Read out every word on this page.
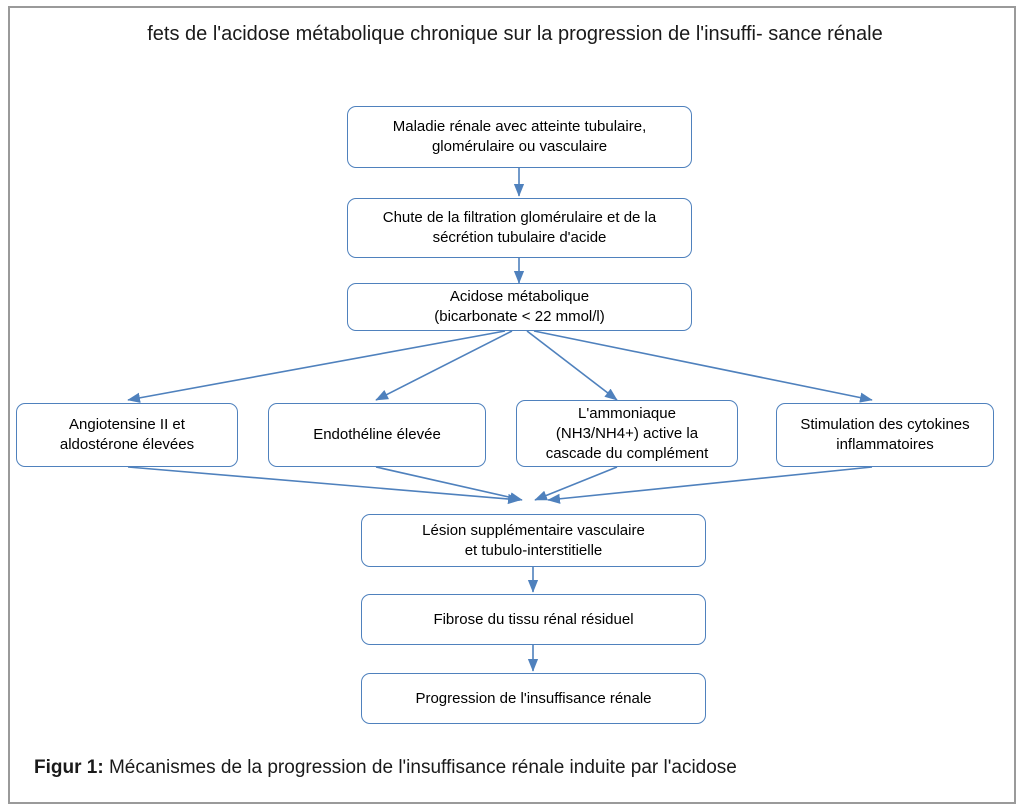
fets de l'acidose métabolique chronique sur la progression de l'insuffi- sance rénale
Maladie rénale avec atteinte tubulaire,
glomérulaire ou vasculaire
Chute de la filtration glomérulaire et de la
sécrétion tubulaire d'acide
Acidose métabolique
(bicarbonate < 22 mmol/l)
Angiotensine II et
aldostérone élevées
Endothéline élevée
L'ammoniaque
(NH3/NH4+) active la
cascade du complément
Stimulation des cytokines
inflammatoires
Lésion supplémentaire vasculaire
et tubulo-interstitielle
Fibrose du tissu rénal résiduel
Progression de l'insuffisance rénale
Figur 1: Mécanismes de la progression de l'insuffisance rénale induite par l'acidose
